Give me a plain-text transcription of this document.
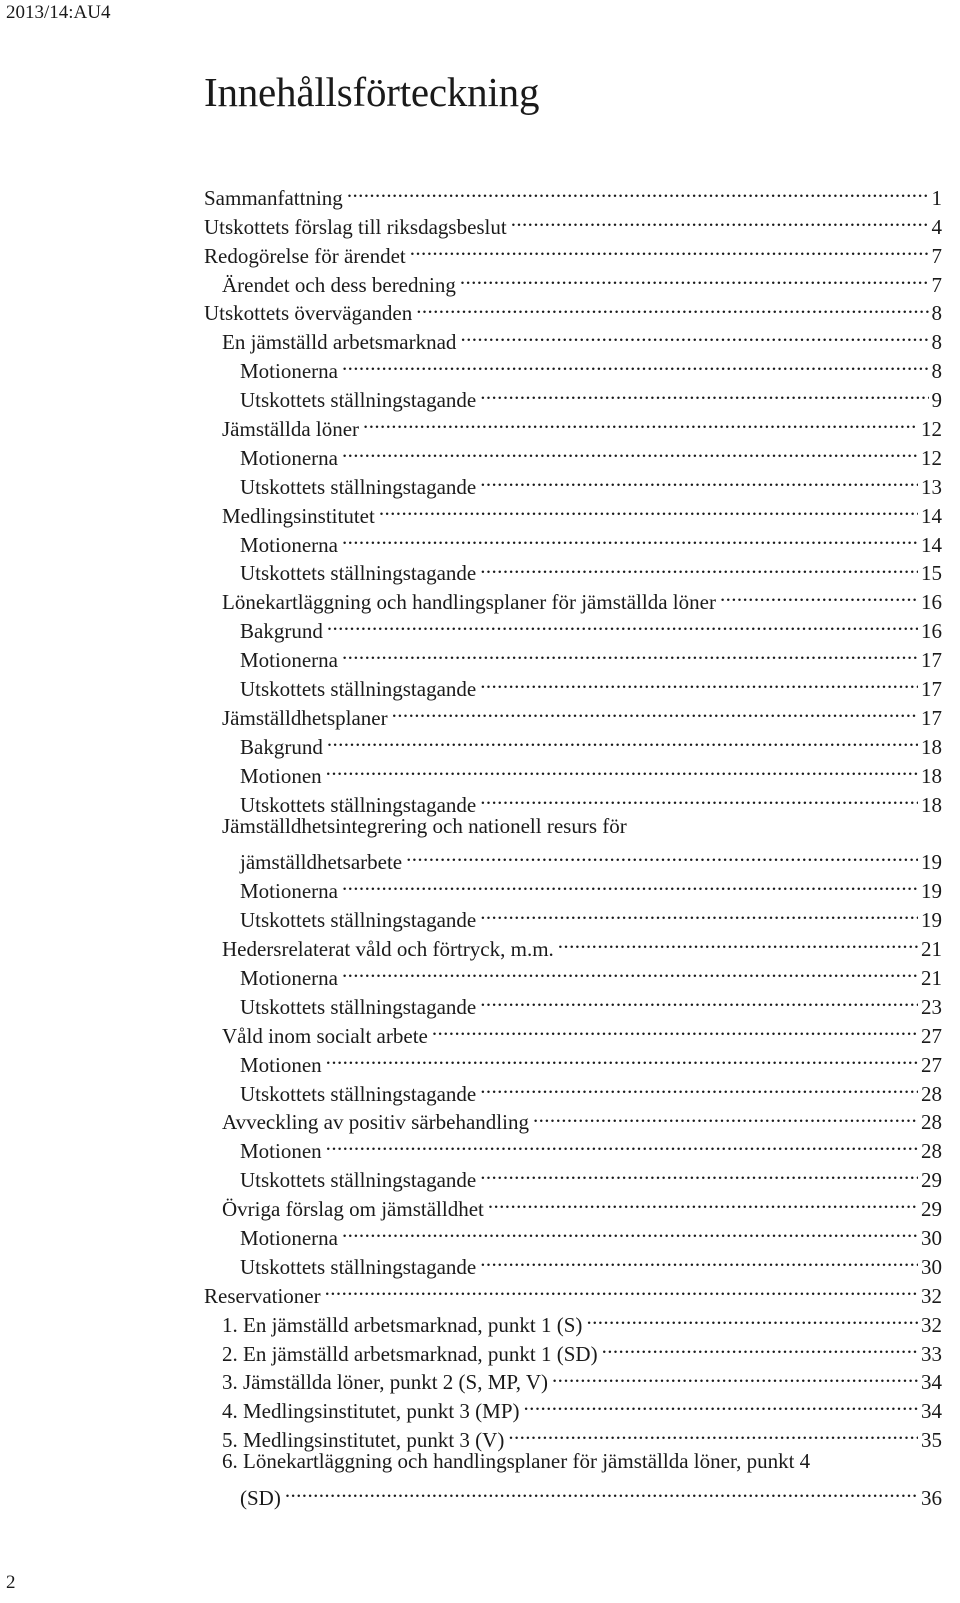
2013/14:AU4
Innehållsförteckning
Sammanfattning .....	1
Utskottets förslag till riksdagsbeslut .....	4
Redogörelse för ärendet .....	7
Ärendet och dess beredning .....	7
Utskottets överväganden .....	8
En jämställd arbetsmarknad .....	8
Motionerna .....	8
Utskottets ställningstagande .....	9
Jämställda löner .....	12
Motionerna .....	12
Utskottets ställningstagande .....	13
Medlingsinstitutet .....	14
Motionerna .....	14
Utskottets ställningstagande .....	15
Lönekartläggning och handlingsplaner för jämställda löner .....	16
Bakgrund .....	16
Motionerna .....	17
Utskottets ställningstagande .....	17
Jämställdhetsplaner .....	17
Bakgrund .....	18
Motionen .....	18
Utskottets ställningstagande .....	18
Jämställdhetsintegrering och nationell resurs för
jämställdhetsarbete .....	19
Motionerna .....	19
Utskottets ställningstagande .....	19
Hedersrelaterat våld och förtryck, m.m. .....	21
Motionerna .....	21
Utskottets ställningstagande .....	23
Våld inom socialt arbete .....	27
Motionen .....	27
Utskottets ställningstagande .....	28
Avveckling av positiv särbehandling .....	28
Motionen .....	28
Utskottets ställningstagande .....	29
Övriga förslag om jämställdhet .....	29
Motionerna .....	30
Utskottets ställningstagande .....	30
Reservationer .....	32
1. En jämställd arbetsmarknad, punkt 1 (S) .....	32
2. En jämställd arbetsmarknad, punkt 1 (SD) .....	33
3. Jämställda löner, punkt 2 (S, MP, V) .....	34
4. Medlingsinstitutet, punkt 3 (MP) .....	34
5. Medlingsinstitutet, punkt 3 (V) .....	35
6. Lönekartläggning och handlingsplaner för jämställda löner, punkt 4
(SD) .....	36
2
